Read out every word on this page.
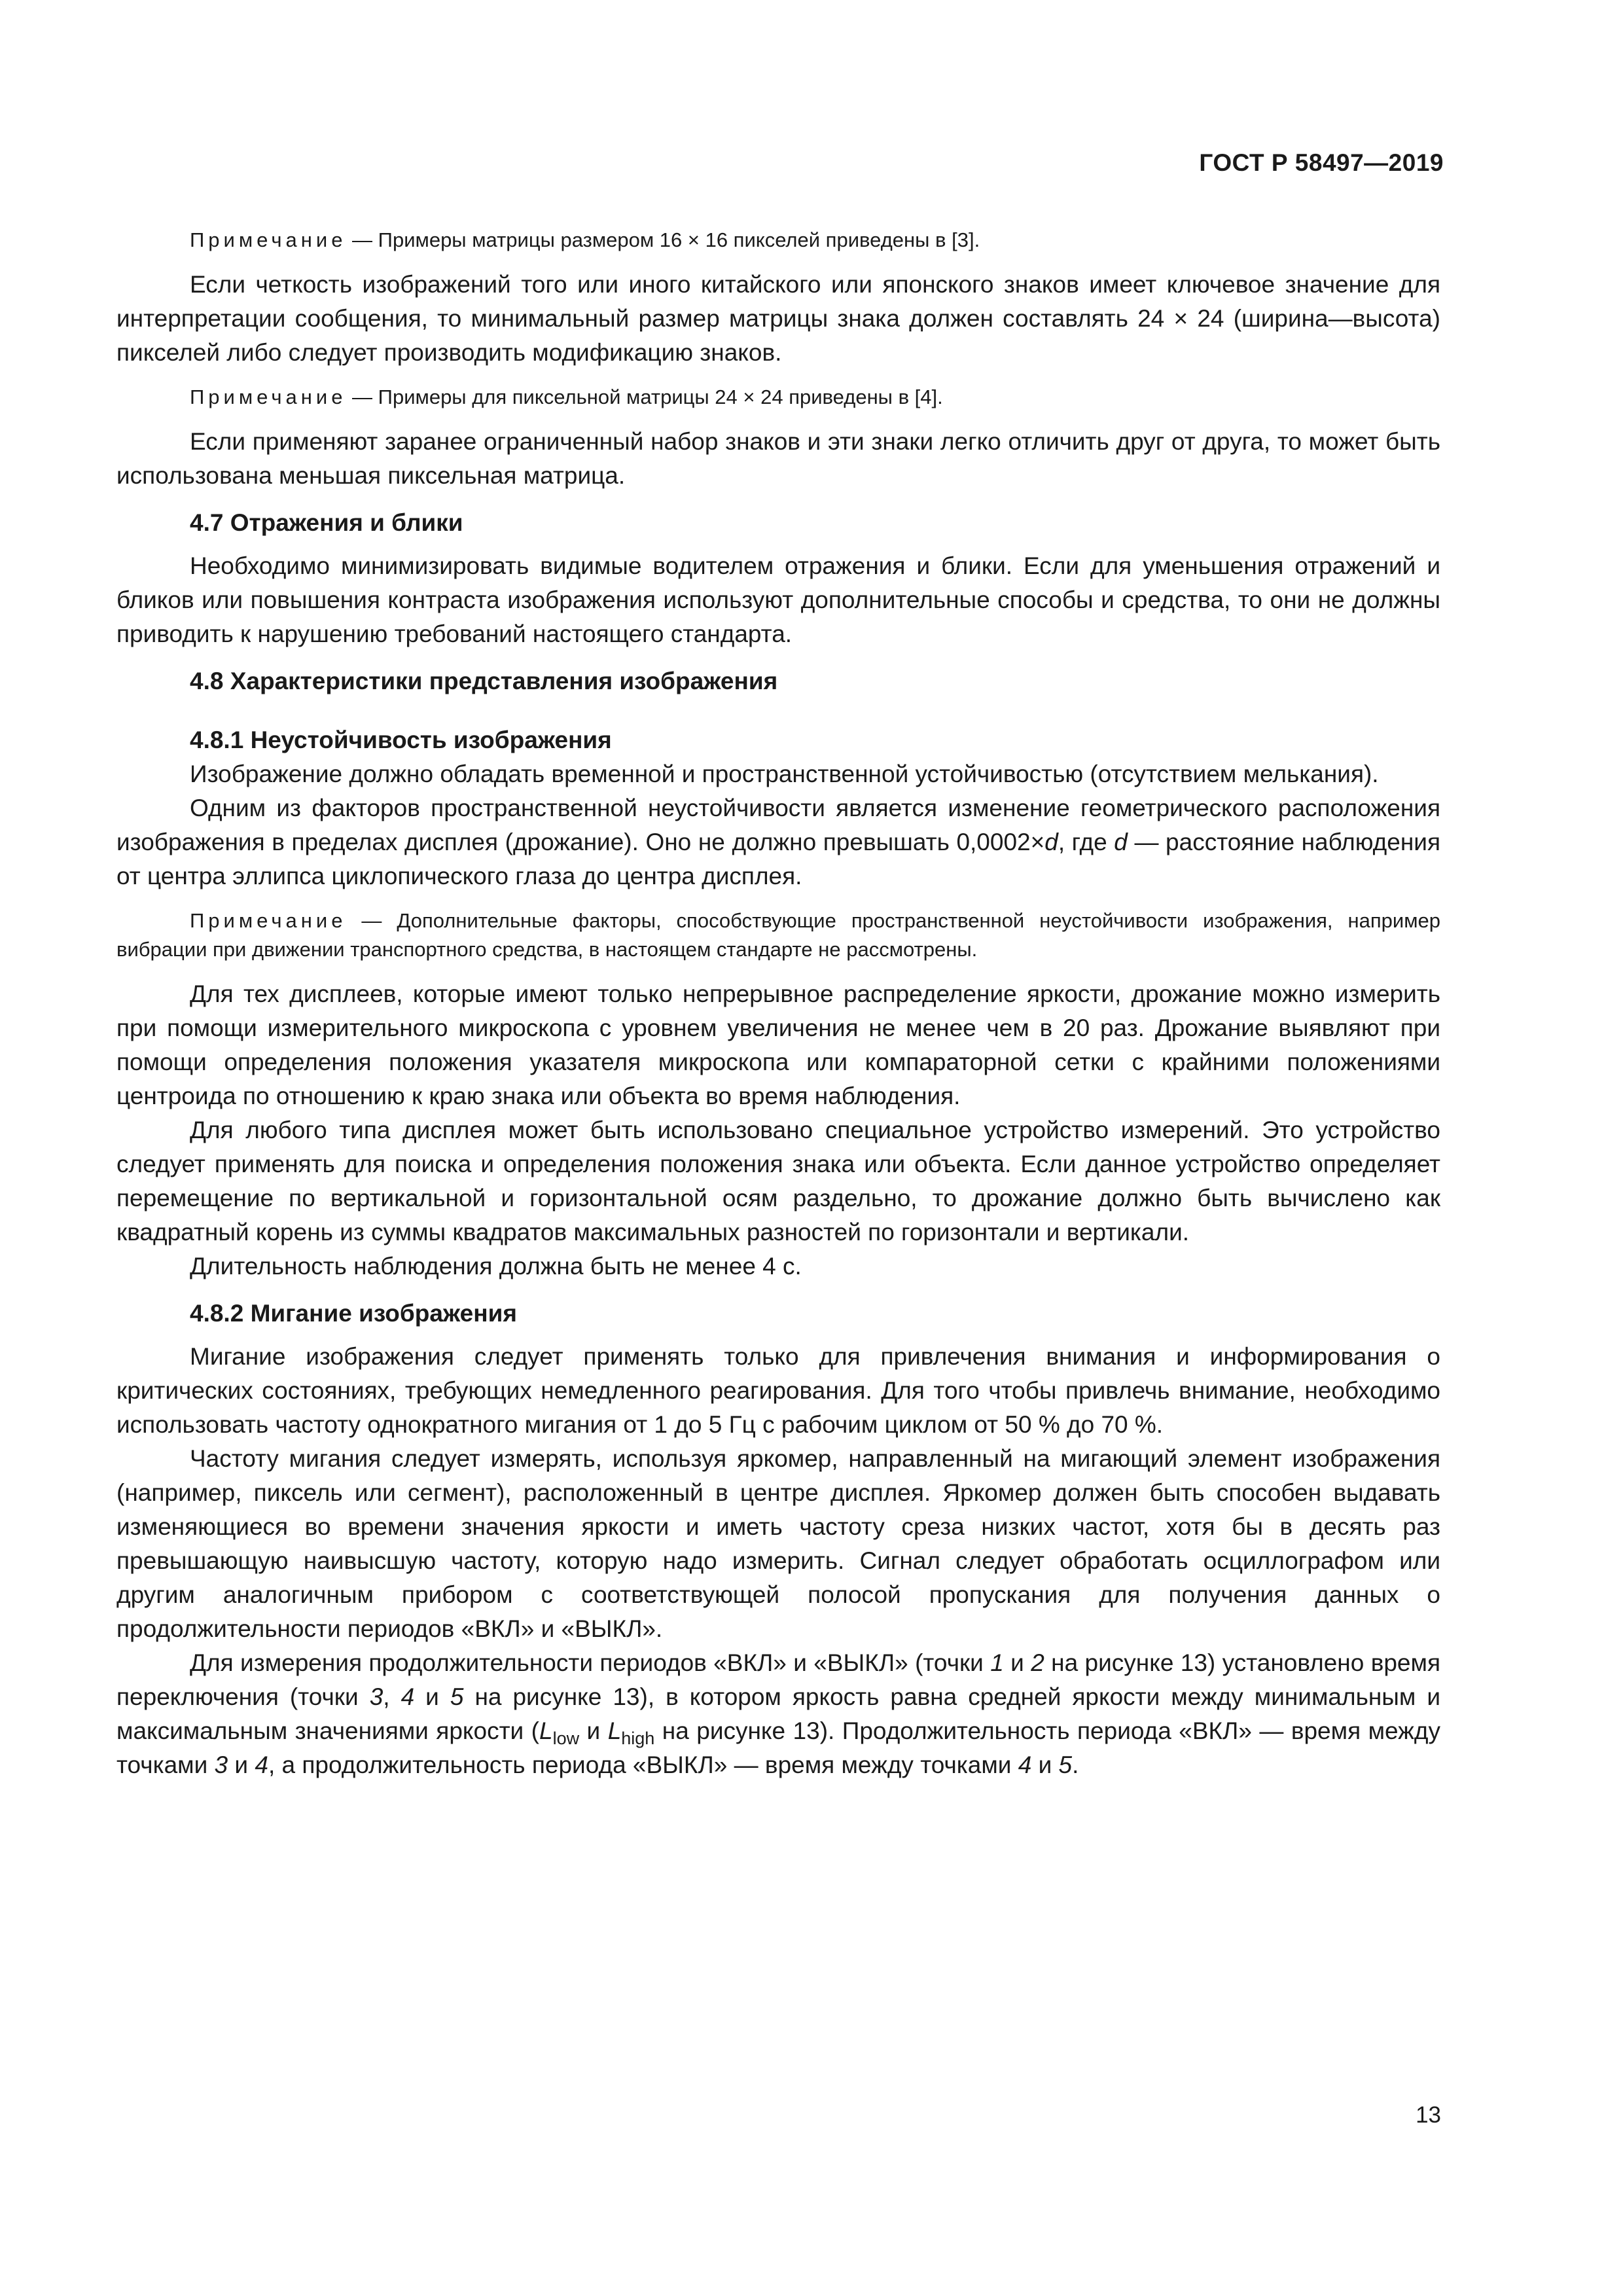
ГОСТ Р 58497—2019

Примечание — Примеры матрицы размером 16 × 16 пикселей приведены в [3].

Если четкость изображений того или иного китайского или японского знаков имеет ключевое значение для интерпретации сообщения, то минимальный размер матрицы знака должен составлять 24 × 24 (ширина—высота) пикселей либо следует производить модификацию знаков.

Примечание — Примеры для пиксельной матрицы 24 × 24 приведены в [4].

Если применяют заранее ограниченный набор знаков и эти знаки легко отличить друг от друга, то может быть использована меньшая пиксельная матрица.

4.7 Отражения и блики

Необходимо минимизировать видимые водителем отражения и блики. Если для уменьшения отражений и бликов или повышения контраста изображения используют дополнительные способы и средства, то они не должны приводить к нарушению требований настоящего стандарта.

4.8 Характеристики представления изображения
4.8.1 Неустойчивость изображения

Изображение должно обладать временной и пространственной устойчивостью (отсутствием мелькания).

Одним из факторов пространственной неустойчивости является изменение геометрического расположения изображения в пределах дисплея (дрожание). Оно не должно превышать 0,0002×d, где d — расстояние наблюдения от центра эллипса циклопического глаза до центра дисплея.

Примечание — Дополнительные факторы, способствующие пространственной неустойчивости изображения, например вибрации при движении транспортного средства, в настоящем стандарте не рассмотрены.

Для тех дисплеев, которые имеют только непрерывное распределение яркости, дрожание можно измерить при помощи измерительного микроскопа с уровнем увеличения не менее чем в 20 раз. Дрожание выявляют при помощи определения положения указателя микроскопа или компараторной сетки с крайними положениями центроида по отношению к краю знака или объекта во время наблюдения.

Для любого типа дисплея может быть использовано специальное устройство измерений. Это устройство следует применять для поиска и определения положения знака или объекта. Если данное устройство определяет перемещение по вертикальной и горизонтальной осям раздельно, то дрожание должно быть вычислено как квадратный корень из суммы квадратов максимальных разностей по горизонтали и вертикали.

Длительность наблюдения должна быть не менее 4 с.

4.8.2 Мигание изображения

Мигание изображения следует применять только для привлечения внимания и информирования о критических состояниях, требующих немедленного реагирования. Для того чтобы привлечь внимание, необходимо использовать частоту однократного мигания от 1 до 5 Гц с рабочим циклом от 50 % до 70 %.

Частоту мигания следует измерять, используя яркомер, направленный на мигающий элемент изображения (например, пиксель или сегмент), расположенный в центре дисплея. Яркомер должен быть способен выдавать изменяющиеся во времени значения яркости и иметь частоту среза низких частот, хотя бы в десять раз превышающую наивысшую частоту, которую надо измерить. Сигнал следует обработать осциллографом или другим аналогичным прибором с соответствующей полосой пропускания для получения данных о продолжительности периодов «ВКЛ» и «ВЫКЛ».

Для измерения продолжительности периодов «ВКЛ» и «ВЫКЛ» (точки 1 и 2 на рисунке 13) установлено время переключения (точки 3, 4 и 5 на рисунке 13), в котором яркость равна средней яркости между минимальным и максимальным значениями яркости ($L_{low}$ и $L_{high}$ на рисунке 13). Продолжительность периода «ВКЛ» — время между точками 3 и 4, а продолжительность периода «ВЫКЛ» — время между точками 4 и 5.

13
